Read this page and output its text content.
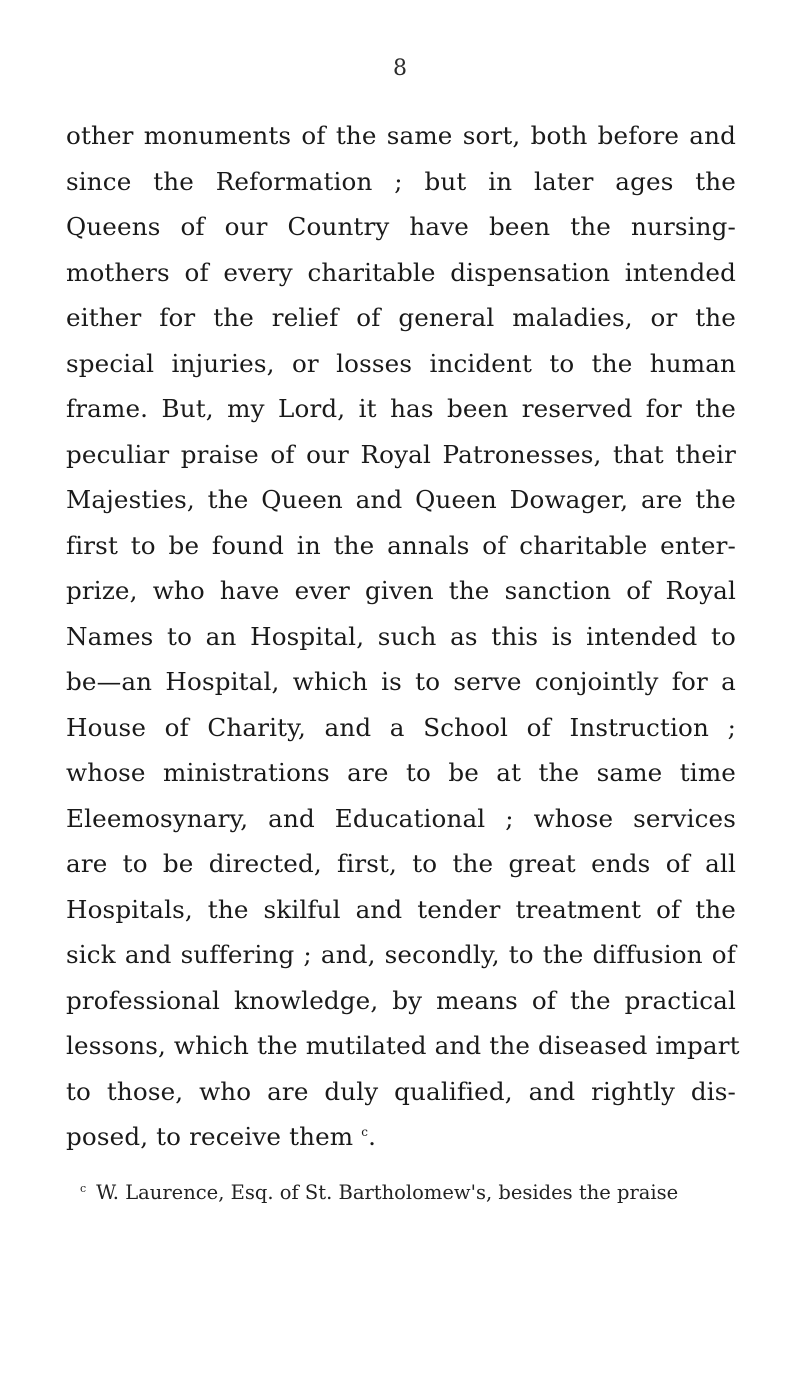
8
other monuments of the same sort, both before and
since the Reformation ; but in later ages the
Queens of our Country have been the nursing-
mothers of every charitable dispensation intended
either for the relief of general maladies, or the
special injuries, or losses incident to the human
frame. But, my Lord, it has been reserved for the
peculiar praise of our Royal Patronesses, that their
Majesties, the Queen and Queen Dowager, are the
first to be found in the annals of charitable enter-
prize, who have ever given the sanction of Royal
Names to an Hospital, such as this is intended to
be—an Hospital, which is to serve conjointly for a
House of Charity, and a School of Instruction ;
whose ministrations are to be at the same time
Eleemosynary, and Educational ; whose services
are to be directed, first, to the great ends of all
Hospitals, the skilful and tender treatment of the
sick and suffering ; and, secondly, to the diffusion of
professional knowledge, by means of the practical
lessons, which the mutilated and the diseased impart
to those, who are duly qualified, and rightly dis-
posed, to receive them $^c$.
$^c$ W. Laurence, Esq. of St. Bartholomew's, besides the praise
